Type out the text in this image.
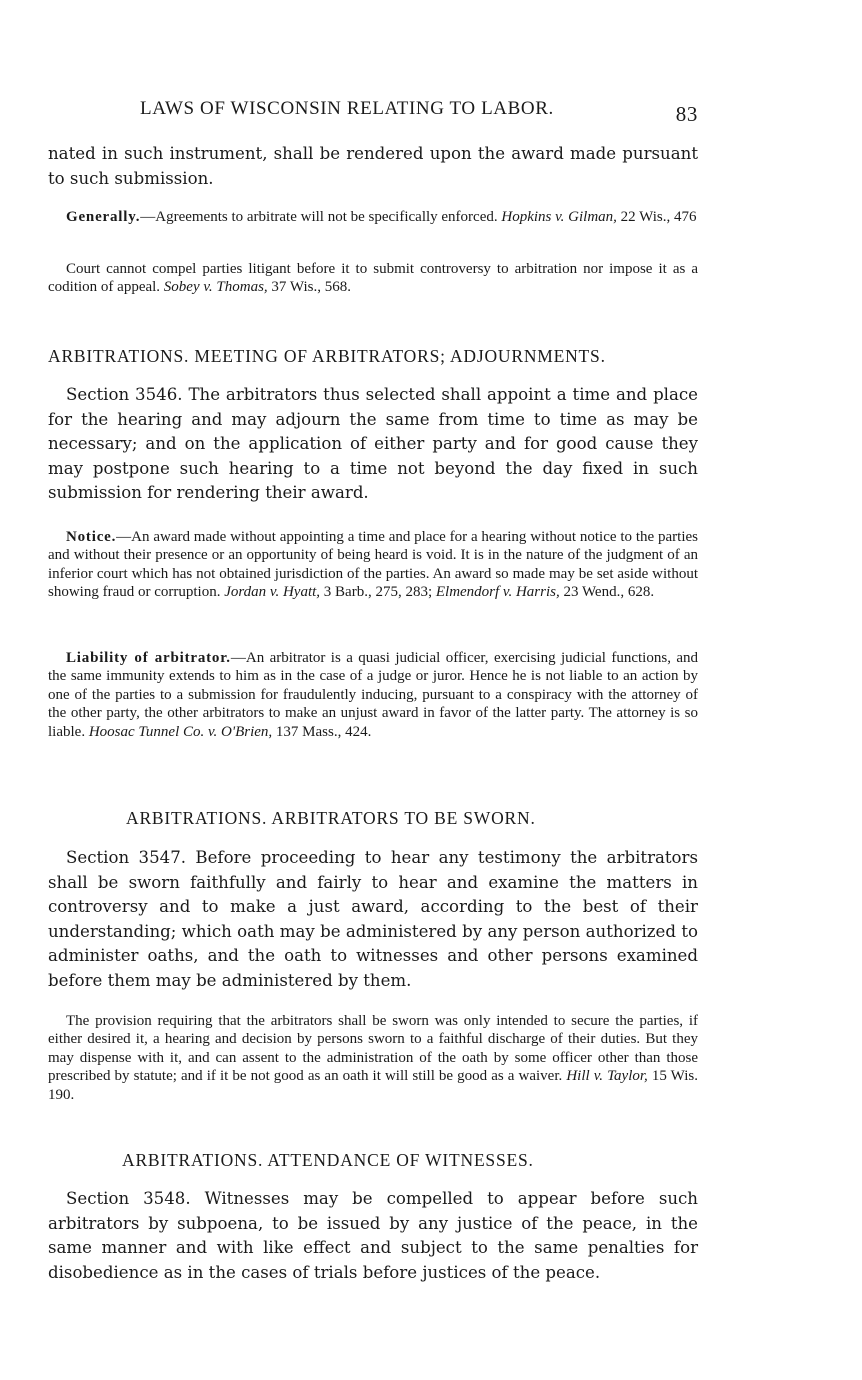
LAWS OF WISCONSIN RELATING TO LABOR.	83

nated in such instrument, shall be rendered upon the award made pursuant to such submission.

Generally.—Agreements to arbitrate will not be specifically enforced. Hopkins v. Gilman, 22 Wis., 476

Court cannot compel parties litigant before it to submit controversy to arbitration nor impose it as a codition of appeal. Sobey v. Thomas, 37 Wis., 568.

ARBITRATIONS. MEETING OF ARBITRATORS; ADJOURNMENTS.

Section 3546. The arbitrators thus selected shall appoint a time and place for the hearing and may adjourn the same from time to time as may be necessary; and on the application of either party and for good cause they may postpone such hearing to a time not beyond the day fixed in such submission for rendering their award.

Notice.—An award made without appointing a time and place for a hearing without notice to the parties and without their presence or an opportunity of being heard is void. It is in the nature of the judgment of an inferior court which has not obtained jurisdiction of the parties. An award so made may be set aside without showing fraud or corruption. Jordan v. Hyatt, 3 Barb., 275, 283; Elmendorf v. Harris, 23 Wend., 628.

Liability of arbitrator.—An arbitrator is a quasi judicial officer, exercising judicial functions, and the same immunity extends to him as in the case of a judge or juror. Hence he is not liable to an action by one of the parties to a submission for fraudulently inducing, pursuant to a conspiracy with the attorney of the other party, the other arbitrators to make an unjust award in favor of the latter party. The attorney is so liable. Hoosac Tunnel Co. v. O'Brien, 137 Mass., 424.

ARBITRATIONS. ARBITRATORS TO BE SWORN.

Section 3547. Before proceeding to hear any testimony the arbitrators shall be sworn faithfully and fairly to hear and examine the matters in controversy and to make a just award, according to the best of their understanding; which oath may be administered by any person authorized to administer oaths, and the oath to witnesses and other persons examined before them may be administered by them.

The provision requiring that the arbitrators shall be sworn was only intended to secure the parties, if either desired it, a hearing and decision by persons sworn to a faithful discharge of their duties. But they may dispense with it, and can assent to the administration of the oath by some officer other than those prescribed by statute; and if it be not good as an oath it will still be good as a waiver. Hill v. Taylor, 15 Wis. 190.

ARBITRATIONS. ATTENDANCE OF WITNESSES.

Section 3548. Witnesses may be compelled to appear before such arbitrators by subpoena, to be issued by any justice of the peace, in the same manner and with like effect and subject to the same penalties for disobedience as in the cases of trials before justices of the peace.
